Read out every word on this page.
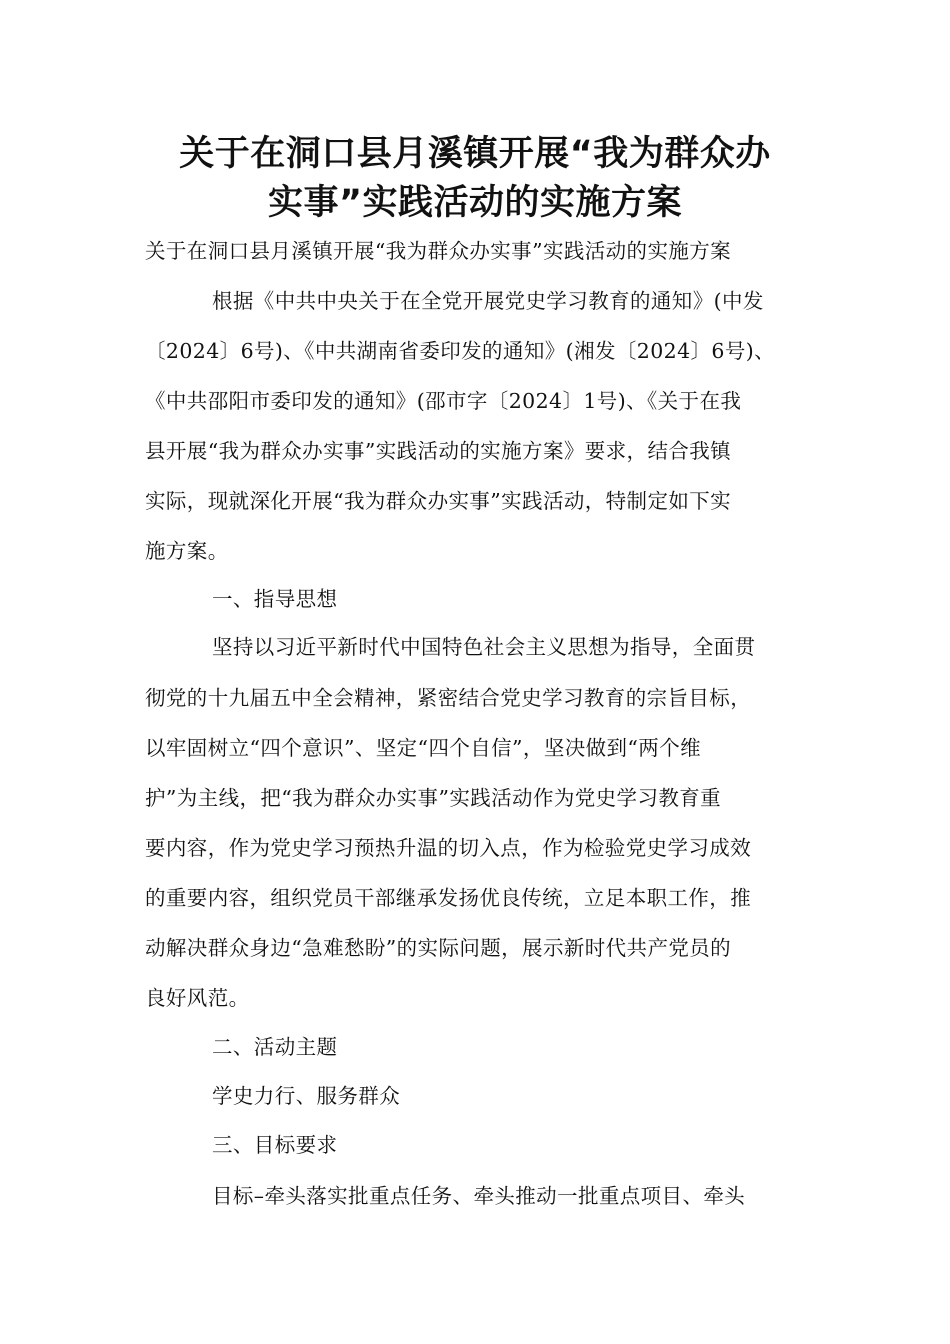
关于在洞口县月溪镇开展“我为群众办
实事”实践活动的实施方案
关于在洞口县月溪镇开展“我为群众办实事”实践活动的实施方案
根据《中共中央关于在全党开展党史学习教育的通知》(中发
〔2024〕6号)、《中共湖南省委印发的通知》(湘发〔2024〕6号)、
《中共邵阳市委印发的通知》(邵市字〔2024〕1号)、《关于在我
县开展“我为群众办实事”实践活动的实施方案》要求，结合我镇
实际，现就深化开展“我为群众办实事”实践活动，特制定如下实
施方案。
一、指导思想
坚持以习近平新时代中国特色社会主义思想为指导，全面贯
彻党的十九届五中全会精神，紧密结合党史学习教育的宗旨目标，
以牢固树立“四个意识”、坚定“四个自信”，坚决做到“两个维
护”为主线，把“我为群众办实事”实践活动作为党史学习教育重
要内容，作为党史学习预热升温的切入点，作为检验党史学习成效
的重要内容，组织党员干部继承发扬优良传统，立足本职工作，推
动解决群众身边“急难愁盼”的实际问题，展示新时代共产党员的
良好风范。
二、活动主题
学史力行、服务群众
三、目标要求
目标–牵头落实批重点任务、牵头推动一批重点项目、牵头
